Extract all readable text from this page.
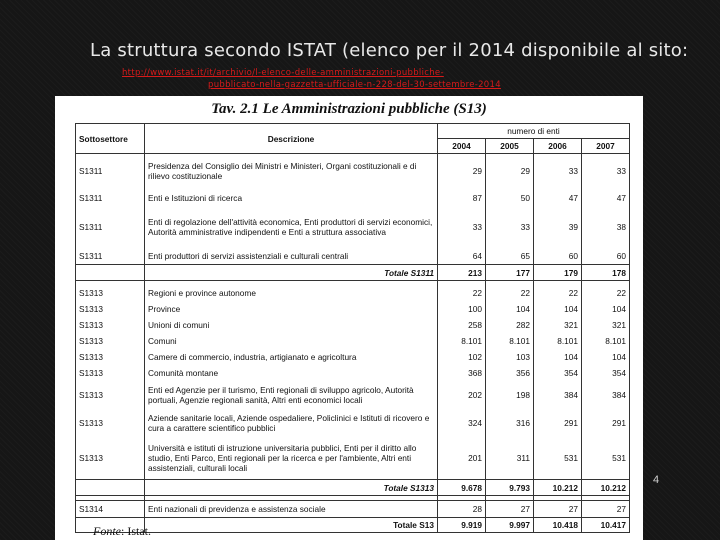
La struttura secondo ISTAT (elenco per il 2014 disponibile al sito:
http://www.istat.it/it/archivio/l-elenco-delle-amministrazioni-pubbliche-
pubblicato-nella-gazzetta-ufficiale-n-228-del-30-settembre-2014
Tav. 2.1 Le Amministrazioni pubbliche (S13)
Sottosettore	Descrizione	numero di enti			
		2004	2005	2006	2007
S1311	Presidenza del Consiglio dei Ministri e Ministeri, Organi costituzionali e di rilievo costituzionale	29	29	33	33
S1311	Enti e Istituzioni di ricerca	87	50	47	47
S1311	Enti di regolazione dell'attività economica, Enti produttori di servizi economici, Autorità amministrative indipendenti e Enti a struttura associativa	33	33	39	38
S1311	Enti produttori di servizi assistenziali e culturali centrali	64	65	60	60
	Totale S1311	213	177	179	178

S1313	Regioni e province autonome	22	22	22	22
S1313	Province	100	104	104	104
S1313	Unioni di comuni	258	282	321	321
S1313	Comuni	8.101	8.101	8.101	8.101
S1313	Camere di commercio, industria, artigianato e agricoltura	102	103	104	104
S1313	Comunità montane	368	356	354	354
S1313	Enti ed Agenzie per il turismo, Enti regionali di sviluppo agricolo, Autorità portuali, Agenzie regionali sanità, Altri enti economici locali	202	198	384	384
S1313	Aziende sanitarie locali, Aziende ospedaliere, Policlinici e Istituti di ricovero e cura a carattere scientifico pubblici	324	316	291	291
S1313	Università e istituti di istruzione universitaria pubblici, Enti per il diritto allo studio, Enti Parco, Enti regionali per la ricerca e per l'ambiente, Altri enti assistenziali, culturali locali	201	311	531	531
	Totale S1313	9.678	9.793	10.212	10.212

S1314	Enti nazionali di previdenza e assistenza sociale	28	27	27	27
	Totale S13	9.919	9.997	10.418	10.417
Fonte: Istat.
4
